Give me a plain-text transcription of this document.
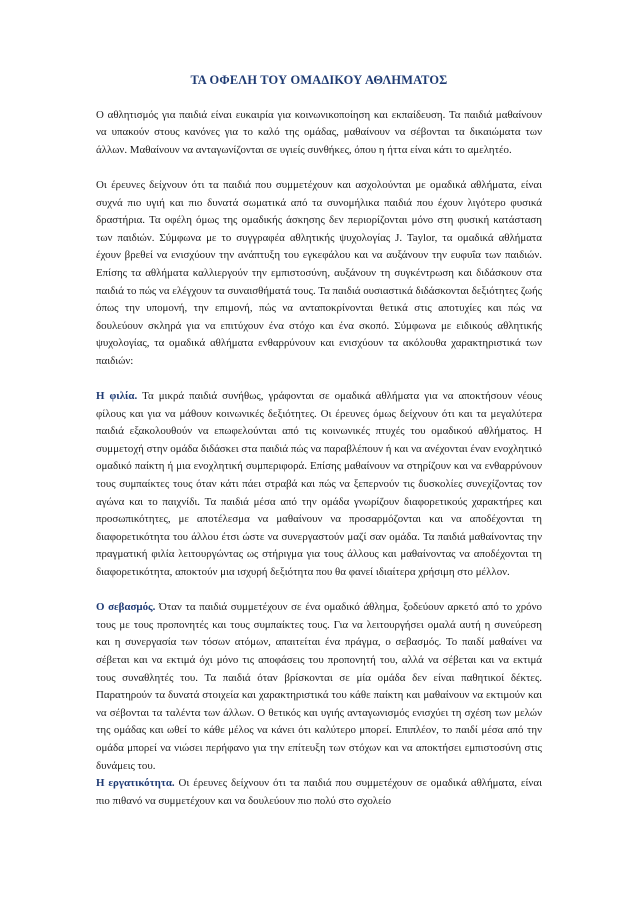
ΤΑ ΟΦΕΛΗ ΤΟΥ ΟΜΑΔΙΚΟΥ ΑΘΛΗΜΑΤΟΣ

Ο αθλητισμός για παιδιά είναι ευκαιρία για κοινωνικοποίηση και εκπαίδευση. Τα παιδιά μαθαίνουν να υπακούν στους κανόνες για το καλό της ομάδας, μαθαίνουν να σέβονται τα δικαιώματα των άλλων. Μαθαίνουν να ανταγωνίζονται σε υγιείς συνθήκες, όπου η ήττα είναι κάτι το αμελητέο.

Οι έρευνες δείχνουν ότι τα παιδιά που συμμετέχουν και ασχολούνται με ομαδικά αθλήματα, είναι συχνά πιο υγιή και πιο δυνατά σωματικά από τα συνομήλικα παιδιά που έχουν λιγότερο φυσικά δραστήρια. Τα οφέλη όμως της ομαδικής άσκησης δεν περιορίζονται μόνο στη φυσική κατάσταση των παιδιών. Σύμφωνα με το συγγραφέα αθλητικής ψυχολογίας J. Taylor, τα ομαδικά αθλήματα έχουν βρεθεί να ενισχύουν την ανάπτυξη του εγκεφάλου και να αυξάνουν την ευφυΐα των παιδιών. Επίσης τα αθλήματα καλλιεργούν την εμπιστοσύνη, αυξάνουν τη συγκέντρωση και διδάσκουν στα παιδιά το πώς να ελέγχουν τα συναισθήματά τους. Τα παιδιά ουσιαστικά διδάσκονται δεξιότητες ζωής όπως την υπομονή, την επιμονή, πώς να ανταποκρίνονται θετικά στις αποτυχίες και πώς να δουλεύουν σκληρά για να επιτύχουν ένα στόχο και ένα σκοπό. Σύμφωνα με ειδικούς αθλητικής ψυχολογίας, τα ομαδικά αθλήματα ενθαρρύνουν και ενισχύουν τα ακόλουθα χαρακτηριστικά των παιδιών:

Η φιλία. Τα μικρά παιδιά συνήθως, γράφονται σε ομαδικά αθλήματα για να αποκτήσουν νέους φίλους και για να μάθουν κοινωνικές δεξιότητες. Οι έρευνες όμως δείχνουν ότι και τα μεγαλύτερα παιδιά εξακολουθούν να επωφελούνται από τις κοινωνικές πτυχές του ομαδικού αθλήματος. Η συμμετοχή στην ομάδα διδάσκει στα παιδιά πώς να παραβλέπουν ή και να ανέχονται έναν ενοχλητικό ομαδικό παίκτη ή μια ενοχλητική συμπεριφορά. Επίσης μαθαίνουν να στηρίζουν και να ενθαρρύνουν τους συμπαίκτες τους όταν κάτι πάει στραβά και πώς να ξεπερνούν τις δυσκολίες συνεχίζοντας τον αγώνα και το παιχνίδι. Τα παιδιά μέσα από την ομάδα γνωρίζουν διαφορετικούς χαρακτήρες και προσωπικότητες, με αποτέλεσμα να μαθαίνουν να προσαρμόζονται και να αποδέχονται τη διαφορετικότητα του άλλου έτσι ώστε να συνεργαστούν μαζί σαν ομάδα. Τα παιδιά μαθαίνοντας την πραγματική φιλία λειτουργώντας ως στήριγμα για τους άλλους και μαθαίνοντας να αποδέχονται τη διαφορετικότητα, αποκτούν μια ισχυρή δεξιότητα που θα φανεί ιδιαίτερα χρήσιμη στο μέλλον.

Ο σεβασμός. Όταν τα παιδιά συμμετέχουν σε ένα ομαδικό άθλημα, ξοδεύουν αρκετό από το χρόνο τους με τους προπονητές και τους συμπαίκτες τους. Για να λειτουργήσει ομαλά αυτή η συνεύρεση και η συνεργασία των τόσων ατόμων, απαιτείται ένα πράγμα, ο σεβασμός. Το παιδί μαθαίνει να σέβεται και να εκτιμά όχι μόνο τις αποφάσεις του προπονητή του, αλλά να σέβεται και να εκτιμά τους συναθλητές του. Τα παιδιά όταν βρίσκονται σε μία ομάδα δεν είναι παθητικοί δέκτες. Παρατηρούν τα δυνατά στοιχεία και χαρακτηριστικά του κάθε παίκτη και μαθαίνουν να εκτιμούν και να σέβονται τα ταλέντα των άλλων. Ο θετικός και υγιής ανταγωνισμός ενισχύει τη σχέση των μελών της ομάδας και ωθεί το κάθε μέλος να κάνει ότι καλύτερο μπορεί. Επιπλέον, το παιδί μέσα από την ομάδα μπορεί να νιώσει περήφανο για την επίτευξη των στόχων και να αποκτήσει εμπιστοσύνη στις δυνάμεις του.

Η εργατικότητα. Οι έρευνες δείχνουν ότι τα παιδιά που συμμετέχουν σε ομαδικά αθλήματα, είναι πιο πιθανό να συμμετέχουν και να δουλεύουν πιο πολύ στο σχολείο
